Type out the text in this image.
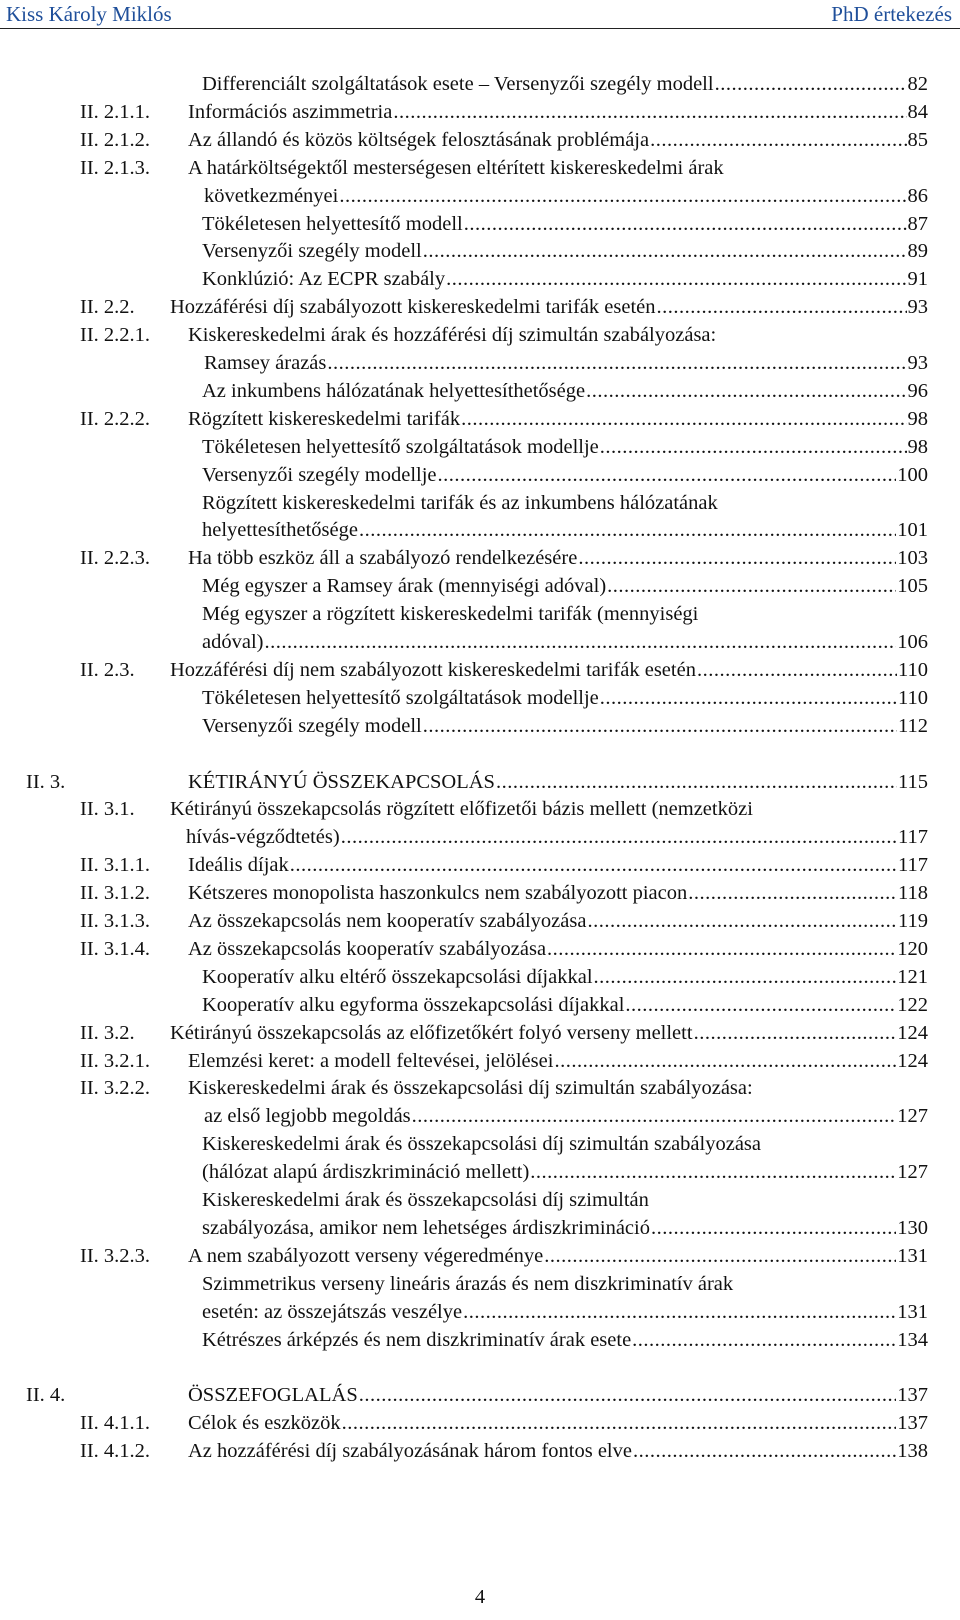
Kiss Károly Miklós	PhD értekezés
Differenciált szolgáltatások esete – Versenyzői szegély modell .....	82
II. 2.1.1. Információs aszimmetria .....	84
II. 2.1.2. Az állandó és közös költségek felosztásának problémája .....	85
II. 2.1.3. A határköltségektől mesterségesen eltérített kiskereskedelmi árak
következményei .....	86
Tökéletesen helyettesítő modell .....	87
Versenyzői szegély modell .....	89
Konklúzió: Az ECPR szabály .....	91
II. 2.2. Hozzáférési díj szabályozott kiskereskedelmi tarifák esetén .....	93
II. 2.2.1. Kiskereskedelmi árak és hozzáférési díj szimultán szabályozása:
Ramsey árazás .....	93
Az inkumbens hálózatának helyettesíthetősége .....	96
II. 2.2.2. Rögzített kiskereskedelmi tarifák .....	98
Tökéletesen helyettesítő szolgáltatások modellje .....	98
Versenyzői szegély modellje .....	100
Rögzített kiskereskedelmi tarifák és az inkumbens hálózatának
helyettesíthetősége .....	101
II. 2.2.3. Ha több eszköz áll a szabályozó rendelkezésére .....	103
Még egyszer a Ramsey árak (mennyiségi adóval) .....	105
Még egyszer a rögzített kiskereskedelmi tarifák (mennyiségi
adóval) .....	106
II. 2.3. Hozzáférési díj nem szabályozott kiskereskedelmi tarifák esetén .....	110
Tökéletesen helyettesítő szolgáltatások modellje .....	110
Versenyzői szegély modell .....	112
II. 3.	KÉTIRÁNYÚ ÖSSZEKAPCSOLÁS .....	115
II. 3.1. Kétirányú összekapcsolás rögzített előfizetői bázis mellett (nemzetközi
hívás-végződtetés) .....	117
II. 3.1.1. Ideális díjak .....	117
II. 3.1.2. Kétszeres monopolista haszonkulcs nem szabályozott piacon .....	118
II. 3.1.3. Az összekapcsolás nem kooperatív szabályozása .....	119
II. 3.1.4. Az összekapcsolás kooperatív szabályozása .....	120
Kooperatív alku eltérő összekapcsolási díjakkal .....	121
Kooperatív alku egyforma összekapcsolási díjakkal .....	122
II. 3.2. Kétirányú összekapcsolás az előfizetőkért folyó verseny mellett .....	124
II. 3.2.1. Elemzési keret: a modell feltevései, jelölései .....	124
II. 3.2.2. Kiskereskedelmi árak és összekapcsolási díj szimultán szabályozása:
az első legjobb megoldás .....	127
Kiskereskedelmi árak és összekapcsolási díj szimultán szabályozása
(hálózat alapú árdiszkrimináció mellett) .....	127
Kiskereskedelmi árak és összekapcsolási díj szimultán
szabályozása, amikor nem lehetséges árdiszkrimináció .....	130
II. 3.2.3. A nem szabályozott verseny végeredménye .....	131
Szimmetrikus verseny lineáris árazás és nem diszkriminatív árak
esetén: az összejátszás veszélye .....	131
Kétrészes árképzés és nem diszkriminatív árak esete .....	134
II. 4.	ÖSSZEFOGLALÁS .....	137
II. 4.1.1. Célok és eszközök .....	137
II. 4.1.2. Az hozzáférési díj szabályozásának három fontos elve .....	138
4
